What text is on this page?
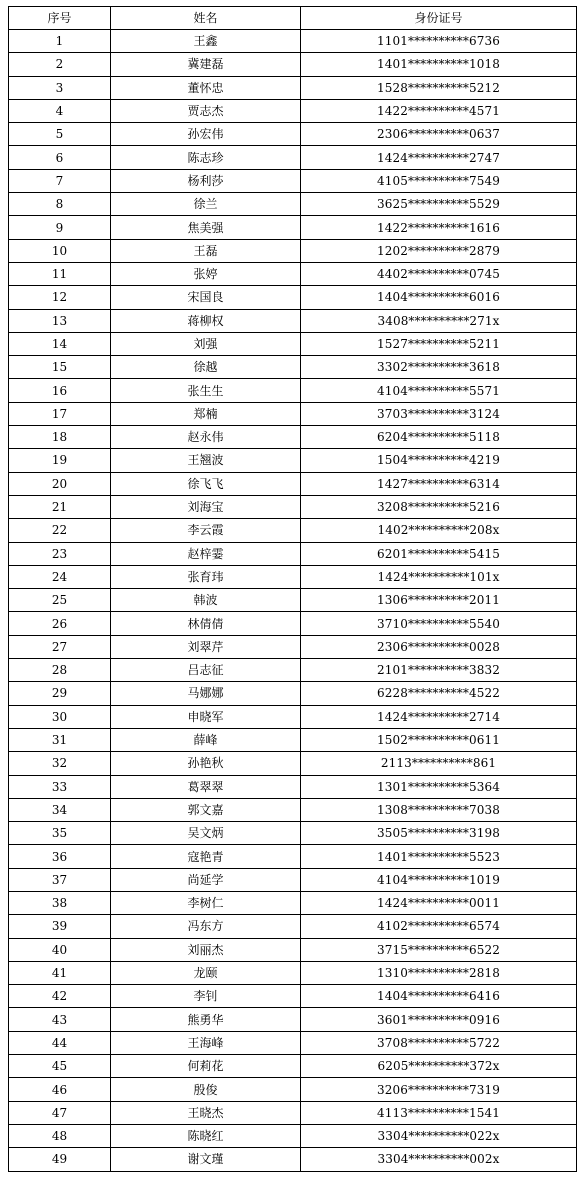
序号	姓名	身份证号
1	王鑫	1101**********6736
2	冀建磊	1401**********1018
3	董怀忠	1528**********5212
4	贾志杰	1422**********4571
5	孙宏伟	2306**********0637
6	陈志珍	1424**********2747
7	杨利莎	4105**********7549
8	徐兰	3625**********5529
9	焦美强	1422**********1616
10	王磊	1202**********2879
11	张婷	4402**********0745
12	宋国良	1404**********6016
13	蒋柳权	3408**********271x
14	刘强	1527**********5211
15	徐越	3302**********3618
16	张生生	4104**********5571
17	郑楠	3703**********3124
18	赵永伟	6204**********5118
19	王翘波	1504**********4219
20	徐飞飞	1427**********6314
21	刘海宝	3208**********5216
22	李云霞	1402**********208x
23	赵梓霎	6201**********5415
24	张育玮	1424**********101x
25	韩波	1306**********2011
26	林倩倩	3710**********5540
27	刘翠芹	2306**********0028
28	吕志征	2101**********3832
29	马娜娜	6228**********4522
30	申晓军	1424**********2714
31	薛峰	1502**********0611
32	孙艳秋	2113**********861
33	葛翠翠	1301**********5364
34	郭文嘉	1308**********7038
35	吴文炳	3505**********3198
36	寇艳青	1401**********5523
37	尚延学	4104**********1019
38	李树仁	1424**********0011
39	冯东方	4102**********6574
40	刘丽杰	3715**********6522
41	龙颐	1310**********2818
42	李钊	1404**********6416
43	熊勇华	3601**********0916
44	王海峰	3708**********5722
45	何莉花	6205**********372x
46	殷俊	3206**********7319
47	王晓杰	4113**********1541
48	陈晓红	3304**********022x
49	谢文瑾	3304**********002x
